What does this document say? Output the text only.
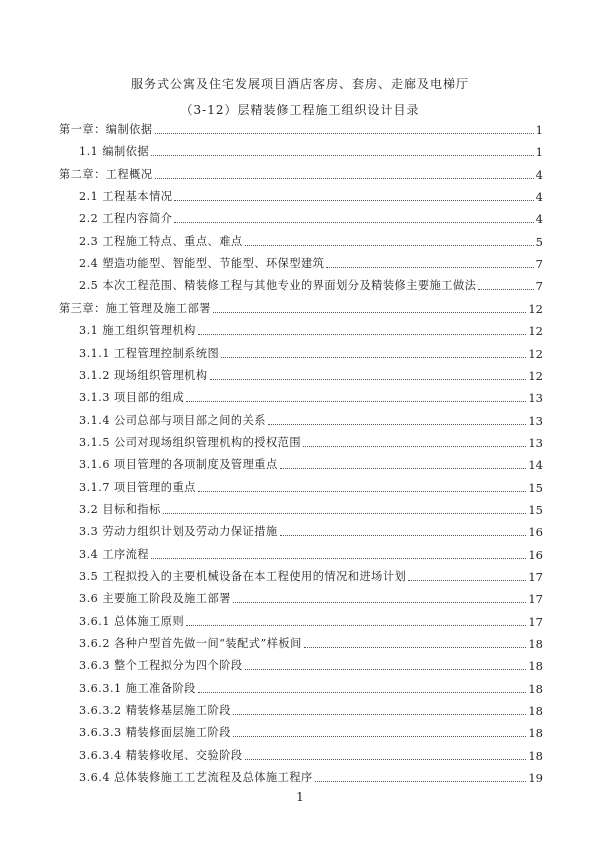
服务式公寓及住宅发展项目酒店客房、套房、走廊及电梯厅
（3-12）层精装修工程施工组织设计目录
第一章：编制依据	1
1.1 编制依据	1
第二章：工程概况	4
2.1 工程基本情况	4
2.2 工程内容简介	4
2.3 工程施工特点、重点、难点	5
2.4 塑造功能型、智能型、节能型、环保型建筑	7
2.5 本次工程范围、精装修工程与其他专业的界面划分及精装修主要施工做法	7
第三章：施工管理及施工部署	12
3.1 施工组织管理机构	12
3.1.1 工程管理控制系统图	12
3.1.2 现场组织管理机构	12
3.1.3 项目部的组成	13
3.1.4 公司总部与项目部之间的关系	13
3.1.5 公司对现场组织管理机构的授权范围	13
3.1.6 项目管理的各项制度及管理重点	14
3.1.7 项目管理的重点	15
3.2 目标和指标	15
3.3 劳动力组织计划及劳动力保证措施	16
3.4 工序流程	16
3.5 工程拟投入的主要机械设备在本工程使用的情况和进场计划	17
3.6 主要施工阶段及施工部署	17
3.6.1 总体施工原则	17
3.6.2 各种户型首先做一间“装配式”样板间	18
3.6.3 整个工程拟分为四个阶段	18
3.6.3.1 施工准备阶段	18
3.6.3.2 精装修基层施工阶段	18
3.6.3.3 精装修面层施工阶段	18
3.6.3.4 精装修收尾、交验阶段	18
3.6.4 总体装修施工工艺流程及总体施工程序	19
1
